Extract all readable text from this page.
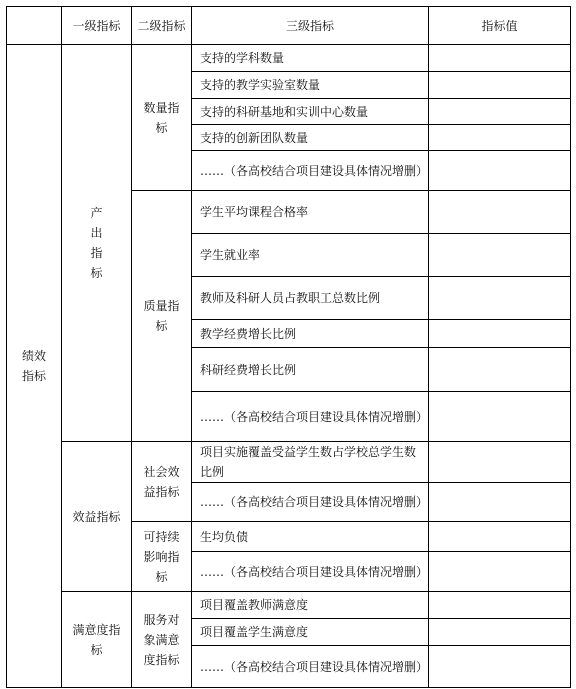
	一级指标	二级指标	三级指标	指标值
绩效指标	产出指标	数量指标	支持的学科数量	
			支持的教学实验室数量	
			支持的科研基地和实训中心数量	
			支持的创新团队数量	
			……（各高校结合项目建设具体情况增删）	
		质量指标	学生平均课程合格率	
			学生就业率	
			教师及科研人员占教职工总数比例	
			教学经费增长比例	
			科研经费增长比例	
			……（各高校结合项目建设具体情况增删）	
	效益指标	社会效益指标	项目实施覆盖受益学生数占学校总学生数比例	
			……（各高校结合项目建设具体情况增删）	
		可持续影响指标	生均负债	
			……（各高校结合项目建设具体情况增删）	
	满意度指标	服务对象满意度指标	项目覆盖教师满意度	
			项目覆盖学生满意度	
			……（各高校结合项目建设具体情况增删）	
